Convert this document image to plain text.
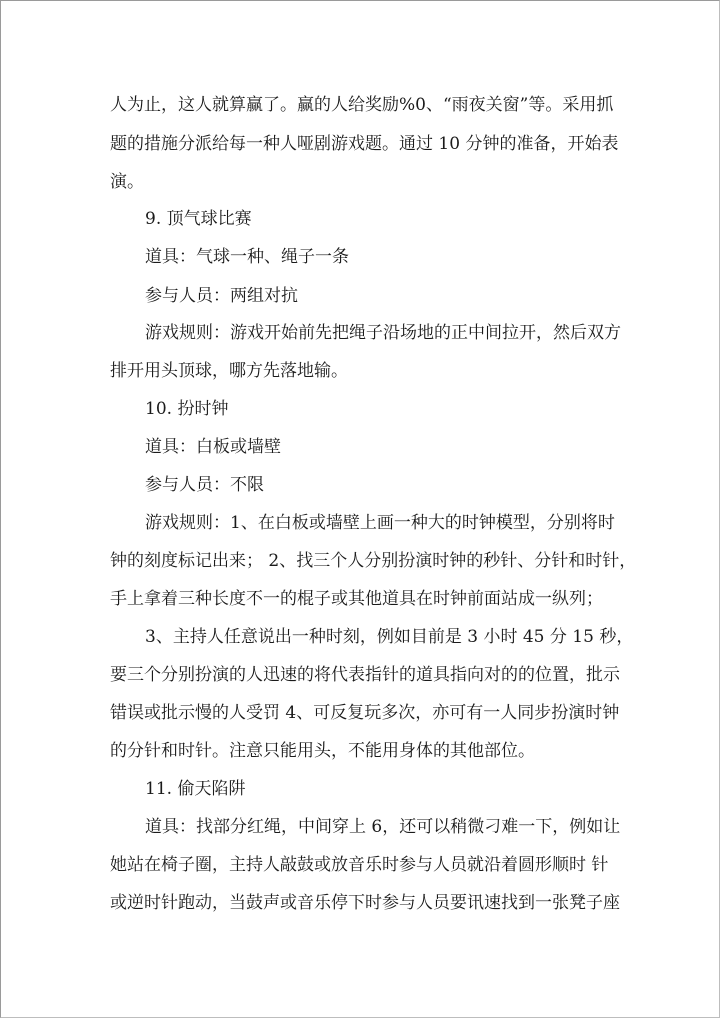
人为止，这人就算赢了。赢的人给奖励%0、“雨夜关窗”等。采用抓
题的措施分派给每一种人哑剧游戏题。通过 10 分钟的准备，开始表
演。
9. 顶气球比赛
道具：气球一种、绳子一条
参与人员：两组对抗
游戏规则：游戏开始前先把绳子沿场地的正中间拉开，然后双方
排开用头顶球，哪方先落地输。
10. 扮时钟
道具：白板或墙壁
参与人员：不限
游戏规则：1、在白板或墙壁上画一种大的时钟模型，分别将时
钟的刻度标记出来； 2、找三个人分别扮演时钟的秒针、分针和时针，
手上拿着三种长度不一的棍子或其他道具在时钟前面站成一纵列；
3、主持人任意说出一种时刻，例如目前是 3 小时 45 分 15 秒，
要三个分别扮演的人迅速的将代表指针的道具指向对的的位置，批示
错误或批示慢的人受罚 4、可反复玩多次，亦可有一人同步扮演时钟
的分针和时针。注意只能用头，不能用身体的其他部位。
11. 偷天陷阱
道具：找部分红绳，中间穿上 6，还可以稍微刁难一下，例如让
她站在椅子圈，主持人敲鼓或放音乐时参与人员就沿着圆形顺时 针
或逆时针跑动，当鼓声或音乐停下时参与人员要讯速找到一张凳子座
